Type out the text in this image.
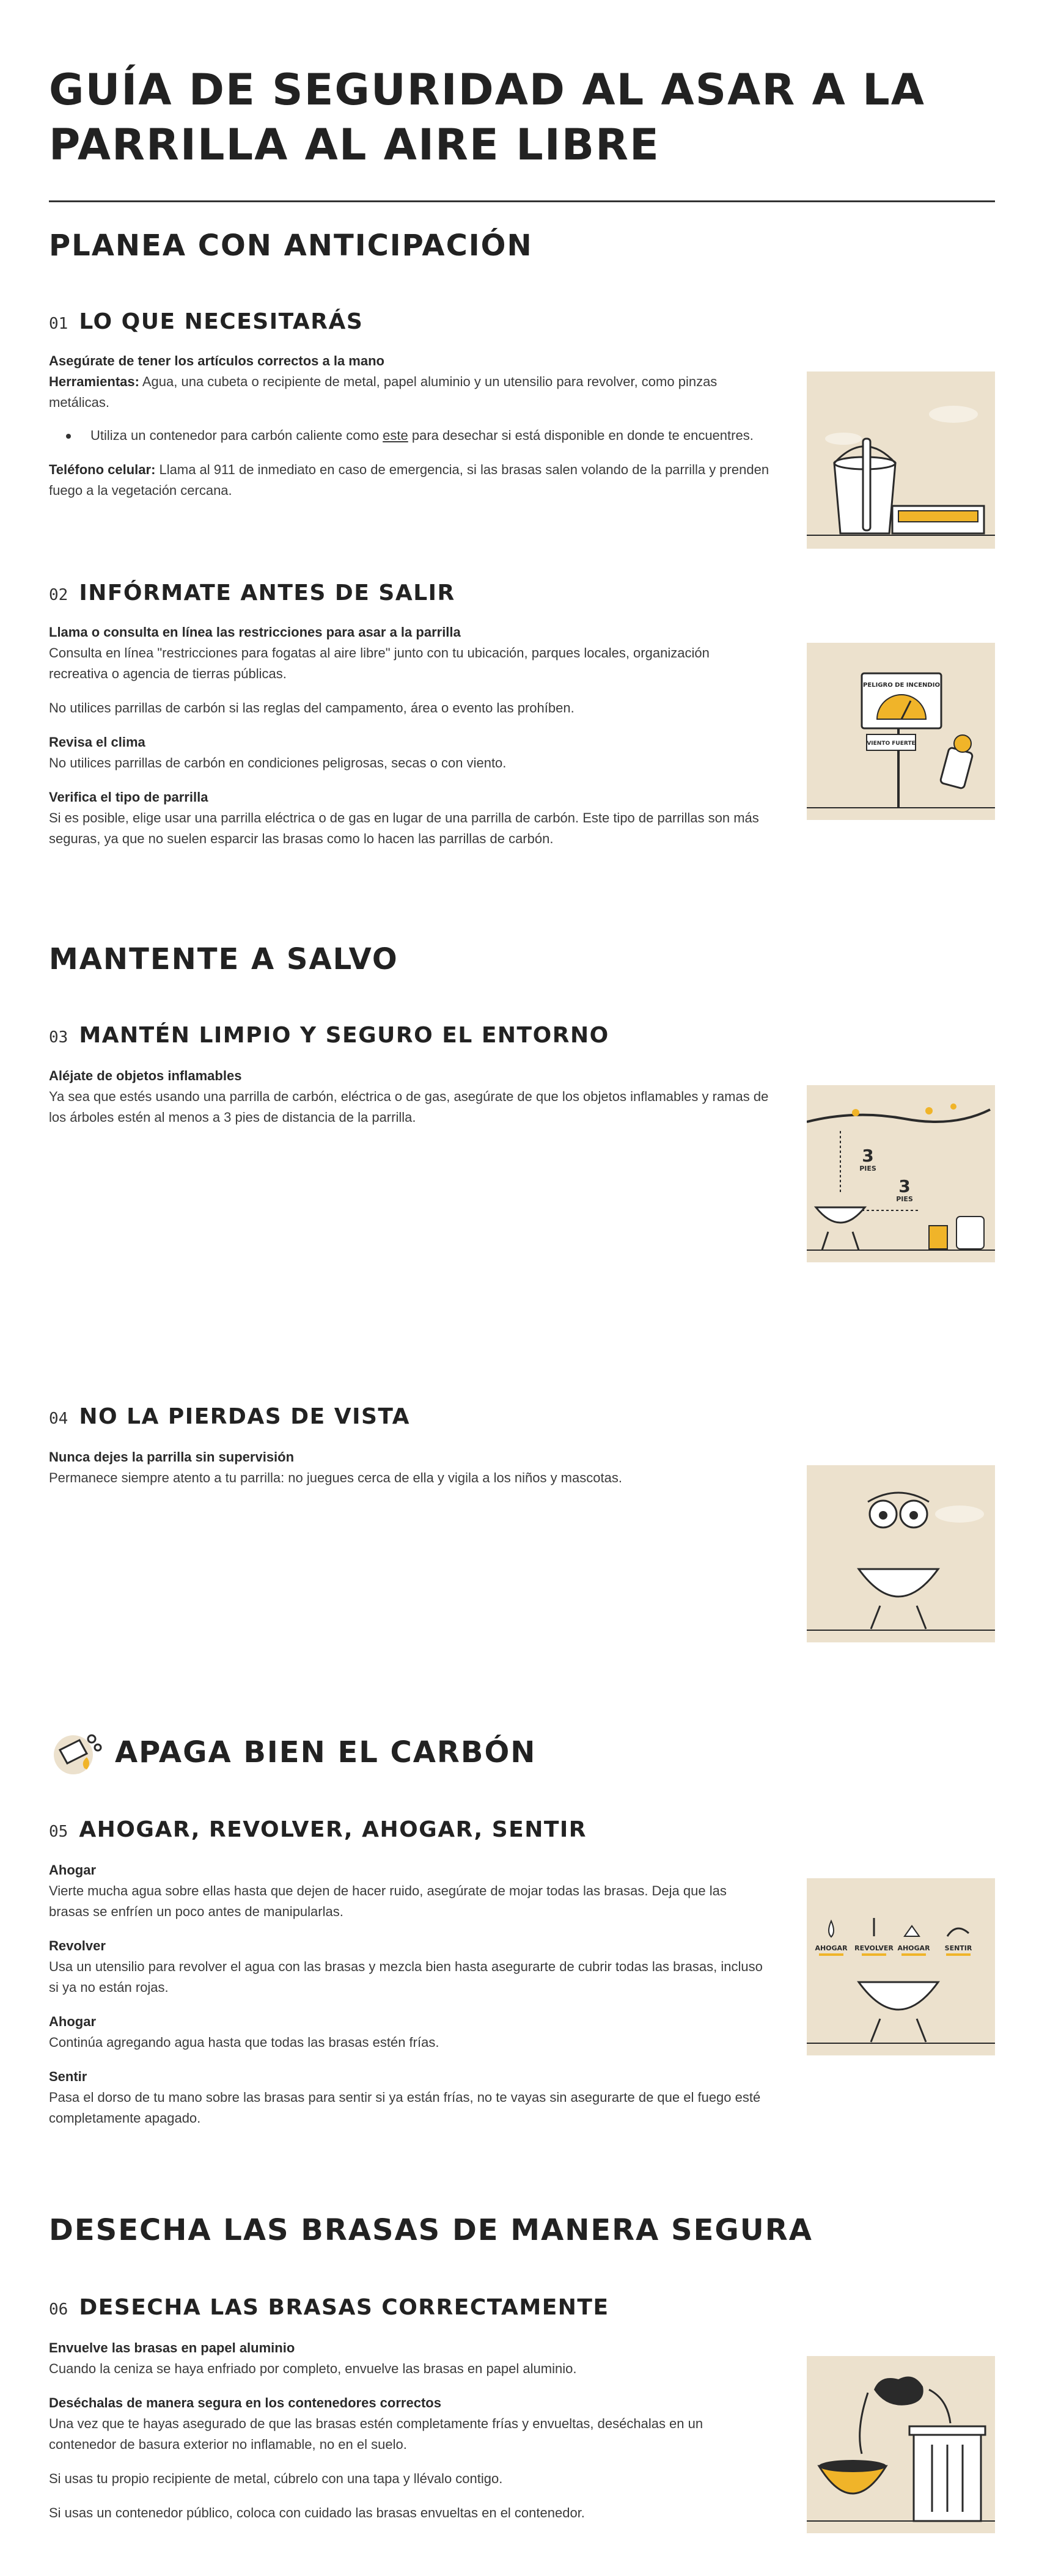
GUÍA DE SEGURIDAD AL ASAR A LA PARRILLA AL AIRE LIBRE
PLANEA CON ANTICIPACIÓN
01 LO QUE NECESITARÁS

Asegúrate de tener los artículos correctos a la mano
Herramientas: Agua, una cubeta o recipiente de metal, papel aluminio y un utensilio para revolver, como pinzas metálicas.

Utiliza un contenedor para carbón caliente como este para desechar si está disponible en donde te encuentres.

Teléfono celular: Llama al 911 de inmediato en caso de emergencia, si las brasas salen volando de la parrilla y prenden fuego a la vegetación cercana.

02 INFÓRMATE ANTES DE SALIR

Llama o consulta en línea las restricciones para asar a la parrilla
Consulta en línea "restricciones para fogatas al aire libre" junto con tu ubicación, parques locales, organización recreativa o agencia de tierras públicas.

No utilices parrillas de carbón si las reglas del campamento, área o evento las prohíben.

Revisa el clima
No utilices parrillas de carbón en condiciones peligrosas, secas o con viento.

Verifica el tipo de parrilla
Si es posible, elige usar una parrilla eléctrica o de gas en lugar de una parrilla de carbón. Este tipo de parrillas son más seguras, ya que no suelen esparcir las brasas como lo hacen las parrillas de carbón.

PELIGRO DE INCENDIO
VIENTO FUERTE
MANTENTE A SALVO
03 MANTÉN LIMPIO Y SEGURO EL ENTORNO

Aléjate de objetos inflamables
Ya sea que estés usando una parrilla de carbón, eléctrica o de gas, asegúrate de que los objetos inflamables y ramas de los árboles estén al menos a 3 pies de distancia de la parrilla.

3
PIES
3
PIES
04 NO LA PIERDAS DE VISTA

Nunca dejes la parrilla sin supervisión
Permanece siempre atento a tu parrilla: no juegues cerca de ella y vigila a los niños y mascotas.

APAGA BIEN EL CARBÓN
05 AHOGAR, REVOLVER, AHOGAR, SENTIR

Ahogar
Vierte mucha agua sobre ellas hasta que dejen de hacer ruido, asegúrate de mojar todas las brasas. Deja que las brasas se enfríen un poco antes de manipularlas.

Revolver
Usa un utensilio para revolver el agua con las brasas y mezcla bien hasta asegurarte de cubrir todas las brasas, incluso si ya no están rojas.

Ahogar
Continúa agregando agua hasta que todas las brasas estén frías.

Sentir
Pasa el dorso de tu mano sobre las brasas para sentir si ya están frías, no te vayas sin asegurarte de que el fuego esté completamente apagado.

AHOGAR REVOLVER AHOGAR SENTIR
DESECHA LAS BRASAS DE MANERA SEGURA
06 DESECHA LAS BRASAS CORRECTAMENTE

Envuelve las brasas en papel aluminio
Cuando la ceniza se haya enfriado por completo, envuelve las brasas en papel aluminio.

Deséchalas de manera segura en los contenedores correctos
Una vez que te hayas asegurado de que las brasas estén completamente frías y envueltas, deséchalas en un contenedor de basura exterior no inflamable, no en el suelo.

Si usas tu propio recipiente de metal, cúbrelo con una tapa y llévalo contigo.

Si usas un contenedor público, coloca con cuidado las brasas envueltas en el contenedor.
